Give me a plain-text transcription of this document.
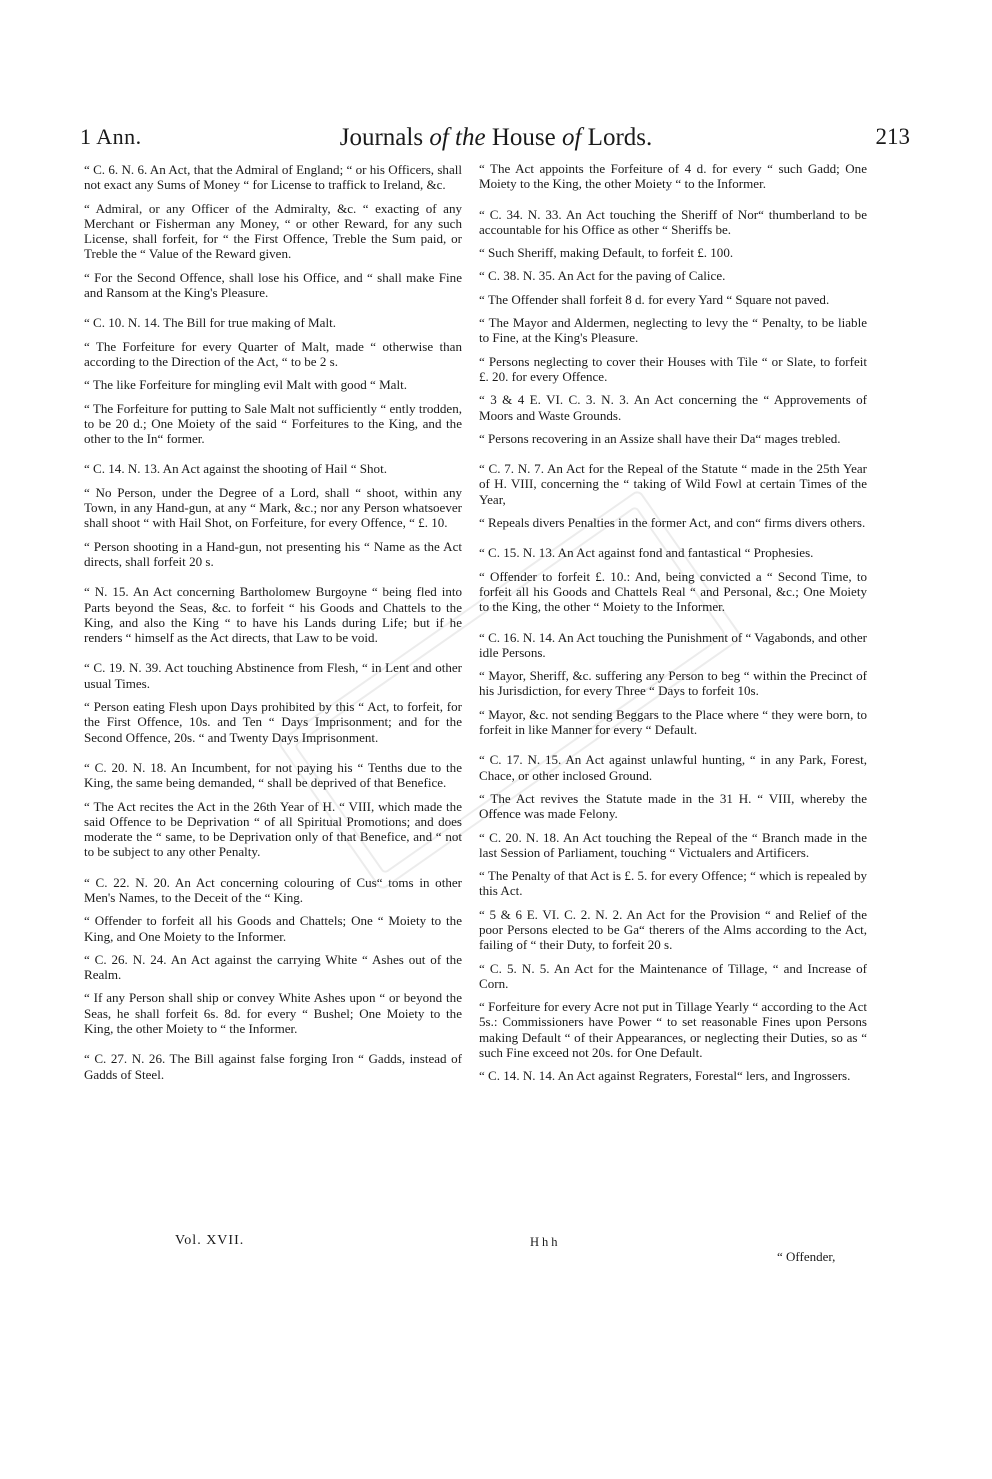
1 Ann.	Journals of the House of Lords.	213

“ C. 6. N. 6. An Act, that the Admiral of England; “ or his Officers, shall not exact any Sums of Money “ for License to traffick to Ireland, &c.

“ Admiral, or any Officer of the Admiralty, &c. “ exacting of any Merchant or Fisherman any Money, “ or other Reward, for any such License, shall forfeit, for “ the First Offence, Treble the Sum paid, or Treble the “ Value of the Reward given.

“ For the Second Offence, shall lose his Office, and “ shall make Fine and Ransom at the King's Pleasure.

“ C. 10. N. 14. The Bill for true making of Malt.

“ The Forfeiture for every Quarter of Malt, made “ otherwise than according to the Direction of the Act, “ to be 2 s.

“ The like Forfeiture for mingling evil Malt with good “ Malt.

“ The Forfeiture for putting to Sale Malt not sufficiently “ ently trodden, to be 20 d.; One Moiety of the said “ Forfeitures to the King, and the other to the In“ former.

“ C. 14. N. 13. An Act against the shooting of Hail “ Shot.

“ No Person, under the Degree of a Lord, shall “ shoot, within any Town, in any Hand-gun, at any “ Mark, &c.; nor any Person whatsoever shall shoot “ with Hail Shot, on Forfeiture, for every Offence, “ £. 10.

“ Person shooting in a Hand-gun, not presenting his “ Name as the Act directs, shall forfeit 20 s.

“ N. 15. An Act concerning Bartholomew Burgoyne “ being fled into Parts beyond the Seas, &c. to forfeit “ his Goods and Chattels to the King, and also the King “ to have his Lands during Life; but if he renders “ himself as the Act directs, that Law to be void.

“ C. 19. N. 39. Act touching Abstinence from Flesh, “ in Lent and other usual Times.

“ Person eating Flesh upon Days prohibited by this “ Act, to forfeit, for the First Offence, 10s. and Ten “ Days Imprisonment; and for the Second Offence, 20s. “ and Twenty Days Imprisonment.

“ C. 20. N. 18. An Incumbent, for not paying his “ Tenths due to the King, the same being demanded, “ shall be deprived of that Benefice.

“ The Act recites the Act in the 26th Year of H. “ VIII, which made the said Offence to be Deprivation “ of all Spiritual Promotions; and does moderate the “ same, to be Deprivation only of that Benefice, and “ not to be subject to any other Penalty.

“ C. 22. N. 20. An Act concerning colouring of Cus“ toms in other Men's Names, to the Deceit of the “ King.

“ Offender to forfeit all his Goods and Chattels; One “ Moiety to the King, and One Moiety to the Informer.

“ C. 26. N. 24. An Act against the carrying White “ Ashes out of the Realm.

“ If any Person shall ship or convey White Ashes upon “ or beyond the Seas, he shall forfeit 6s. 8d. for every “ Bushel; One Moiety to the King, the other Moiety to “ the Informer.

“ C. 27. N. 26. The Bill against false forging Iron “ Gadds, instead of Gadds of Steel.

“ The Act appoints the Forfeiture of 4 d. for every “ such Gadd; One Moiety to the King, the other Moiety “ to the Informer.

“ C. 34. N. 33. An Act touching the Sheriff of Nor“ thumberland to be accountable for his Office as other “ Sheriffs be.

“ Such Sheriff, making Default, to forfeit £. 100.

“ C. 38. N. 35. An Act for the paving of Calice.

“ The Offender shall forfeit 8 d. for every Yard “ Square not paved.

“ The Mayor and Aldermen, neglecting to levy the “ Penalty, to be liable to Fine, at the King's Pleasure.

“ Persons neglecting to cover their Houses with Tile “ or Slate, to forfeit £. 20. for every Offence.

“ 3 & 4 E. VI. C. 3. N. 3. An Act concerning the “ Approvements of Moors and Waste Grounds.

“ Persons recovering in an Assize shall have their Da“ mages trebled.

“ C. 7. N. 7. An Act for the Repeal of the Statute “ made in the 25th Year of H. VIII, concerning the “ taking of Wild Fowl at certain Times of the Year,

“ Repeals divers Penalties in the former Act, and con“ firms divers others.

“ C. 15. N. 13. An Act against fond and fantastical “ Prophesies.

“ Offender to forfeit £. 10.: And, being convicted a “ Second Time, to forfeit all his Goods and Chattels Real “ and Personal, &c.; One Moiety to the King, the other “ Moiety to the Informer.

“ C. 16. N. 14. An Act touching the Punishment of “ Vagabonds, and other idle Persons.

“ Mayor, Sheriff, &c. suffering any Person to beg “ within the Precinct of his Jurisdiction, for every Three “ Days to forfeit 10s.

“ Mayor, &c. not sending Beggars to the Place where “ they were born, to forfeit in like Manner for every “ Default.

“ C. 17. N. 15. An Act against unlawful hunting, “ in any Park, Forest, Chace, or other inclosed Ground.

“ The Act revives the Statute made in the 31 H. “ VIII, whereby the Offence was made Felony.

“ C. 20. N. 18. An Act touching the Repeal of the “ Branch made in the last Session of Parliament, touching “ Victualers and Artificers.

“ The Penalty of that Act is £. 5. for every Offence; “ which is repealed by this Act.

“ 5 & 6 E. VI. C. 2. N. 2. An Act for the Provision “ and Relief of the poor Persons elected to be Ga“ therers of the Alms according to the Act, failing of “ their Duty, to forfeit 20 s.

“ C. 5. N. 5. An Act for the Maintenance of Tillage, “ and Increase of Corn.

“ Forfeiture for every Acre not put in Tillage Yearly “ according to the Act 5s.: Commissioners have Power “ to set reasonable Fines upon Persons making Default “ of their Appearances, or neglecting their Duties, so as “ such Fine exceed not 20s. for One Default.

“ C. 14. N. 14. An Act against Regraters, Forestal“ lers, and Ingrossers.

Vol. XVII.	Hhh
“ Offender,
